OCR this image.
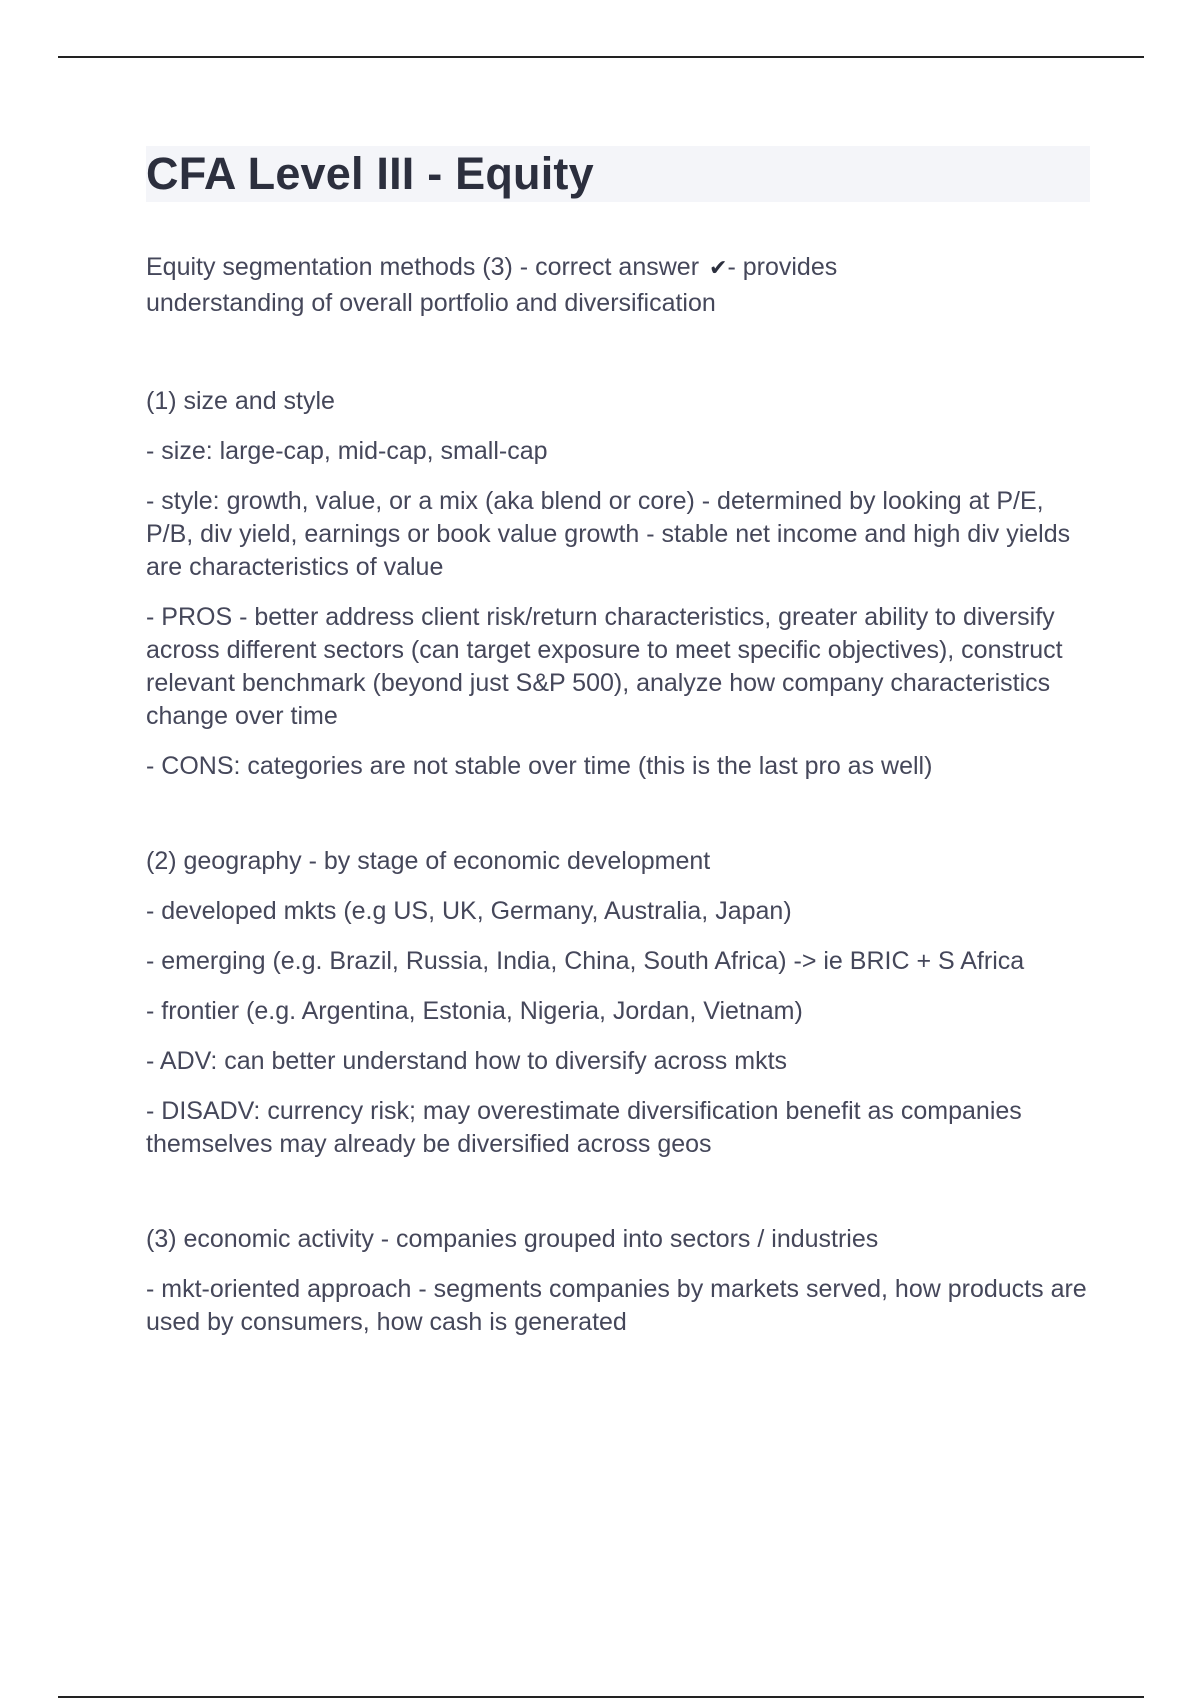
CFA Level III - Equity
Equity segmentation methods (3) - correct answer ✔- provides
understanding of overall portfolio and diversification

(1) size and style

- size: large-cap, mid-cap, small-cap

- style: growth, value, or a mix (aka blend or core) - determined by looking at P/E, P/B, div yield, earnings or book value growth - stable net income and high div yields are characteristics of value

- PROS - better address client risk/return characteristics, greater ability to diversify across different sectors (can target exposure to meet specific objectives), construct relevant benchmark (beyond just S&P 500), analyze how company characteristics change over time

- CONS: categories are not stable over time (this is the last pro as well)

(2) geography - by stage of economic development

- developed mkts (e.g US, UK, Germany, Australia, Japan)

- emerging (e.g. Brazil, Russia, India, China, South Africa) -> ie BRIC + S Africa

- frontier (e.g. Argentina, Estonia, Nigeria, Jordan, Vietnam)

- ADV: can better understand how to diversify across mkts

- DISADV: currency risk; may overestimate diversification benefit as companies themselves may already be diversified across geos

(3) economic activity - companies grouped into sectors / industries

- mkt-oriented approach - segments companies by markets served, how products are used by consumers, how cash is generated
